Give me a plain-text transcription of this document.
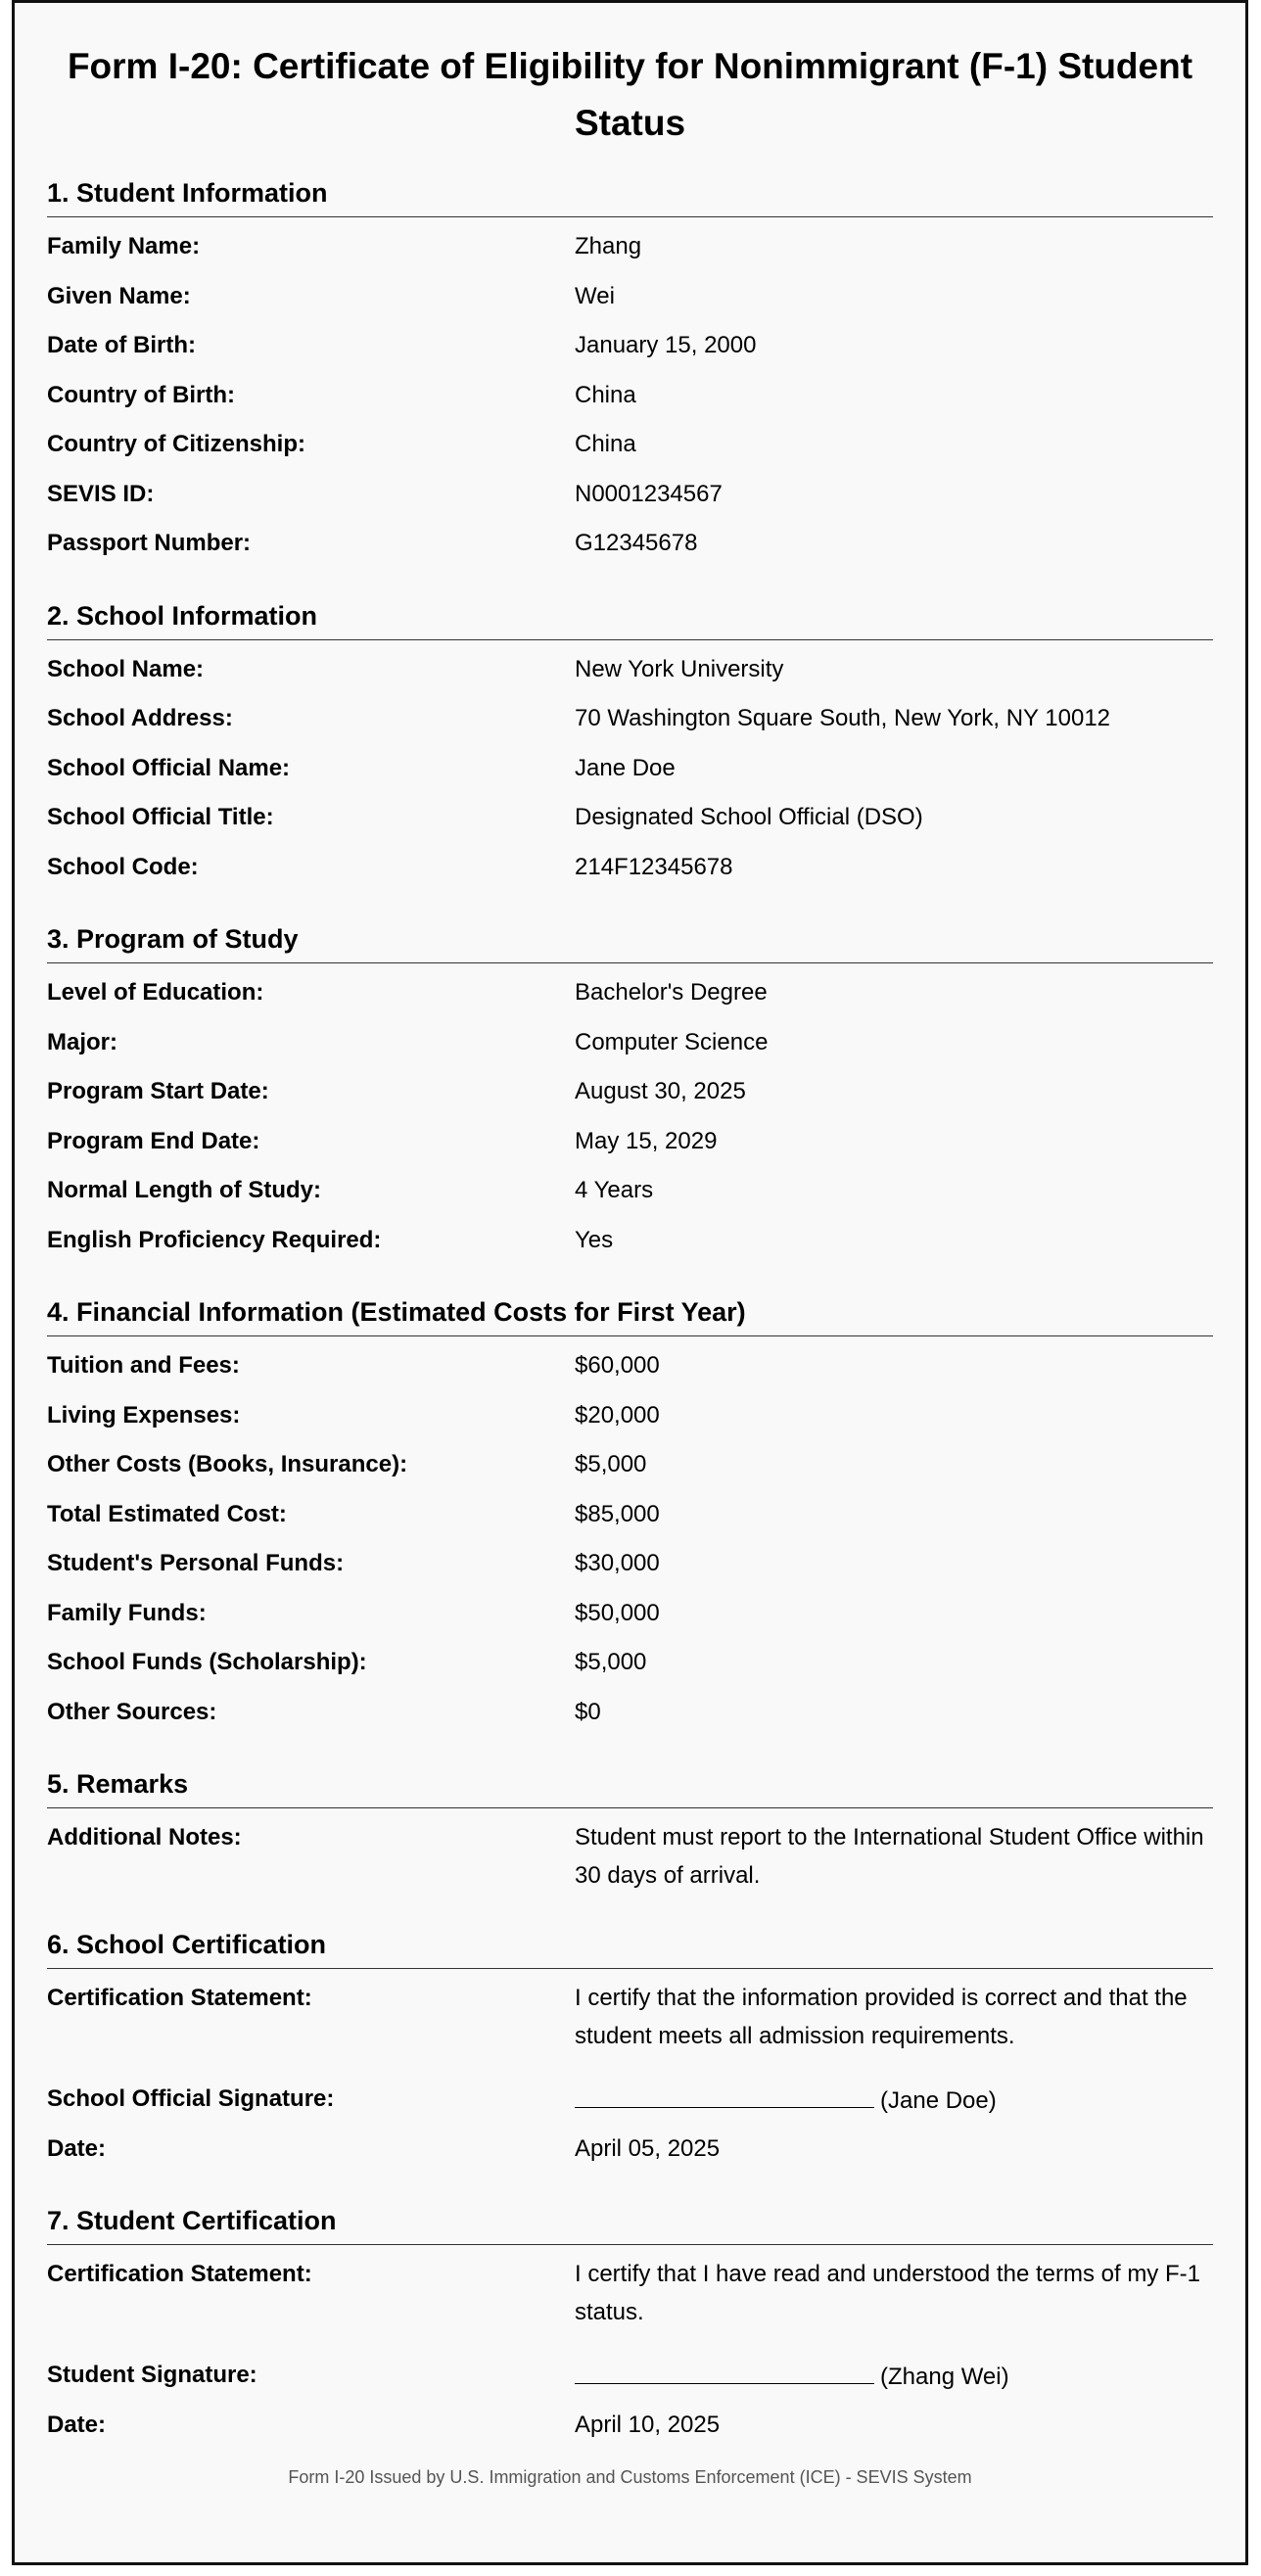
Form I-20: Certificate of Eligibility for Nonimmigrant (F-1) Student Status
1. Student Information
Family Name:	Zhang
Given Name:	Wei
Date of Birth:	January 15, 2000
Country of Birth:	China
Country of Citizenship:	China
SEVIS ID:	N0001234567
Passport Number:	G12345678
2. School Information
School Name:	New York University
School Address:	70 Washington Square South, New York, NY 10012
School Official Name:	Jane Doe
School Official Title:	Designated School Official (DSO)
School Code:	214F12345678
3. Program of Study
Level of Education:	Bachelor's Degree
Major:	Computer Science
Program Start Date:	August 30, 2025
Program End Date:	May 15, 2029
Normal Length of Study:	4 Years
English Proficiency Required:	Yes
4. Financial Information (Estimated Costs for First Year)
Tuition and Fees:	$60,000
Living Expenses:	$20,000
Other Costs (Books, Insurance):	$5,000
Total Estimated Cost:	$85,000
Student's Personal Funds:	$30,000
Family Funds:	$50,000
School Funds (Scholarship):	$5,000
Other Sources:	$0
5. Remarks
Additional Notes:	Student must report to the International Student Office within 30 days of arrival.
6. School Certification
Certification Statement:	I certify that the information provided is correct and that the student meets all admission requirements.
School Official Signature:	(Jane Doe)
Date:	April 05, 2025
7. Student Certification
Certification Statement:	I certify that I have read and understood the terms of my F-1 status.
Student Signature:	(Zhang Wei)
Date:	April 10, 2025
Form I-20 Issued by U.S. Immigration and Customs Enforcement (ICE) - SEVIS System
